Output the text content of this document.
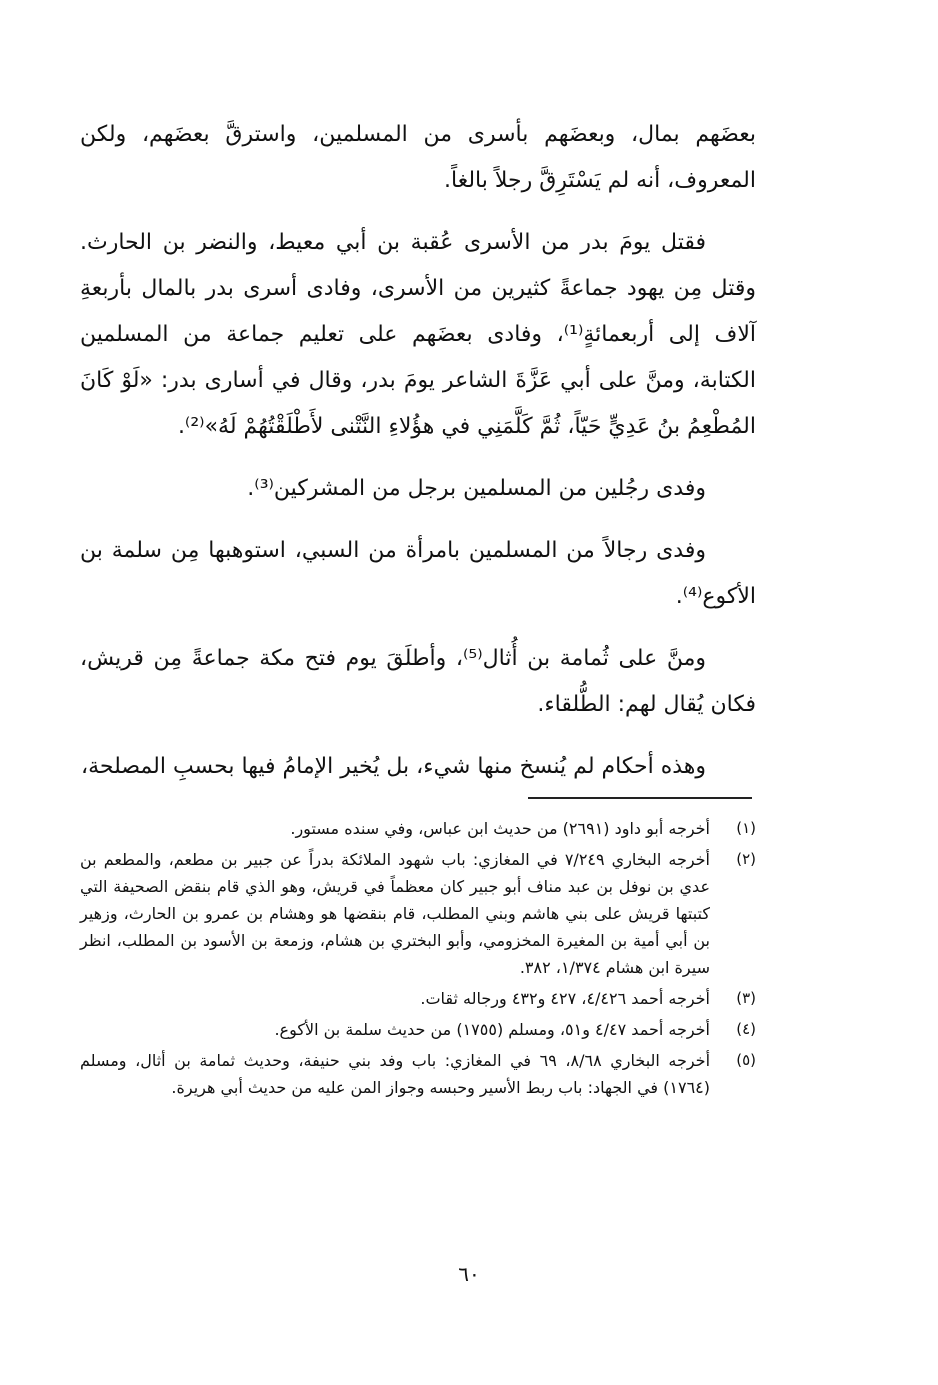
بعضَهم بمال، وبعضَهم بأسرى من المسلمين، واسترقَّ بعضَهم، ولكن المعروف، أنه لم يَسْتَرِقَّ رجلاً بالغاً.

فقتل يومَ بدر من الأسرى عُقبة بن أبي معيط، والنضر بن الحارث. وقتل مِن يهود جماعةً كثيرين من الأسرى، وفادى أسرى بدر بالمال بأربعةِ آلاف إلى أربعمائةٍ⁽¹⁾، وفادى بعضَهم على تعليم جماعة من المسلمين الكتابة، ومنَّ على أبي عَزَّةَ الشاعر يومَ بدر، وقال في أسارى بدر: «لَوْ كَانَ المُطْعِمُ بنُ عَدِيٍّ حَيّاً، ثُمَّ كَلَّمَنِي في هؤُلاءِ النَّتْنى لأَطْلَقْتُهُمْ لَهُ»⁽²⁾.

وفدى رجُلين من المسلمين برجل من المشركين⁽³⁾.

وفدى رجالاً من المسلمين بامرأة من السبي، استوهبها مِن سلمة بن الأكوع⁽⁴⁾.

ومنَّ على ثُمامة بن أُثال⁽⁵⁾، وأطلَقَ يوم فتح مكة جماعةً مِن قريش، فكان يُقال لهم: الطُّلقاء.

وهذه أحكام لم يُنسخ منها شيء، بل يُخير الإمامُ فيها بحسبِ المصلحة،

(١)
أخرجه أبو داود (٢٦٩١) من حديث ابن عباس، وفي سنده مستور.
(٢)
أخرجه البخاري ٧/٢٤٩ في المغازي: باب شهود الملائكة بدراً عن جبير بن مطعم، والمطعم بن عدي بن نوفل بن عبد مناف أبو جبير كان معظماً في قريش، وهو الذي قام بنقض الصحيفة التي كتبتها قريش على بني هاشم وبني المطلب، قام بنقضها هو وهشام بن عمرو بن الحارث، وزهير بن أبي أمية بن المغيرة المخزومي، وأبو البختري بن هشام، وزمعة بن الأسود بن المطلب، انظر سيرة ابن هشام ١/٣٧٤، ٣٨٢.
(٣)
أخرجه أحمد ٤/٤٢٦، ٤٢٧ و٤٣٢ ورجاله ثقات.
(٤)
أخرجه أحمد ٤/٤٧ و٥١، ومسلم (١٧٥٥) من حديث سلمة بن الأكوع.
(٥)
أخرجه البخاري ٨/٦٨، ٦٩ في المغازي: باب وفد بني حنيفة، وحديث ثمامة بن أثال، ومسلم (١٧٦٤) في الجهاد: باب ربط الأسير وحبسه وجواز المن عليه من حديث أبي هريرة.
٦٠
